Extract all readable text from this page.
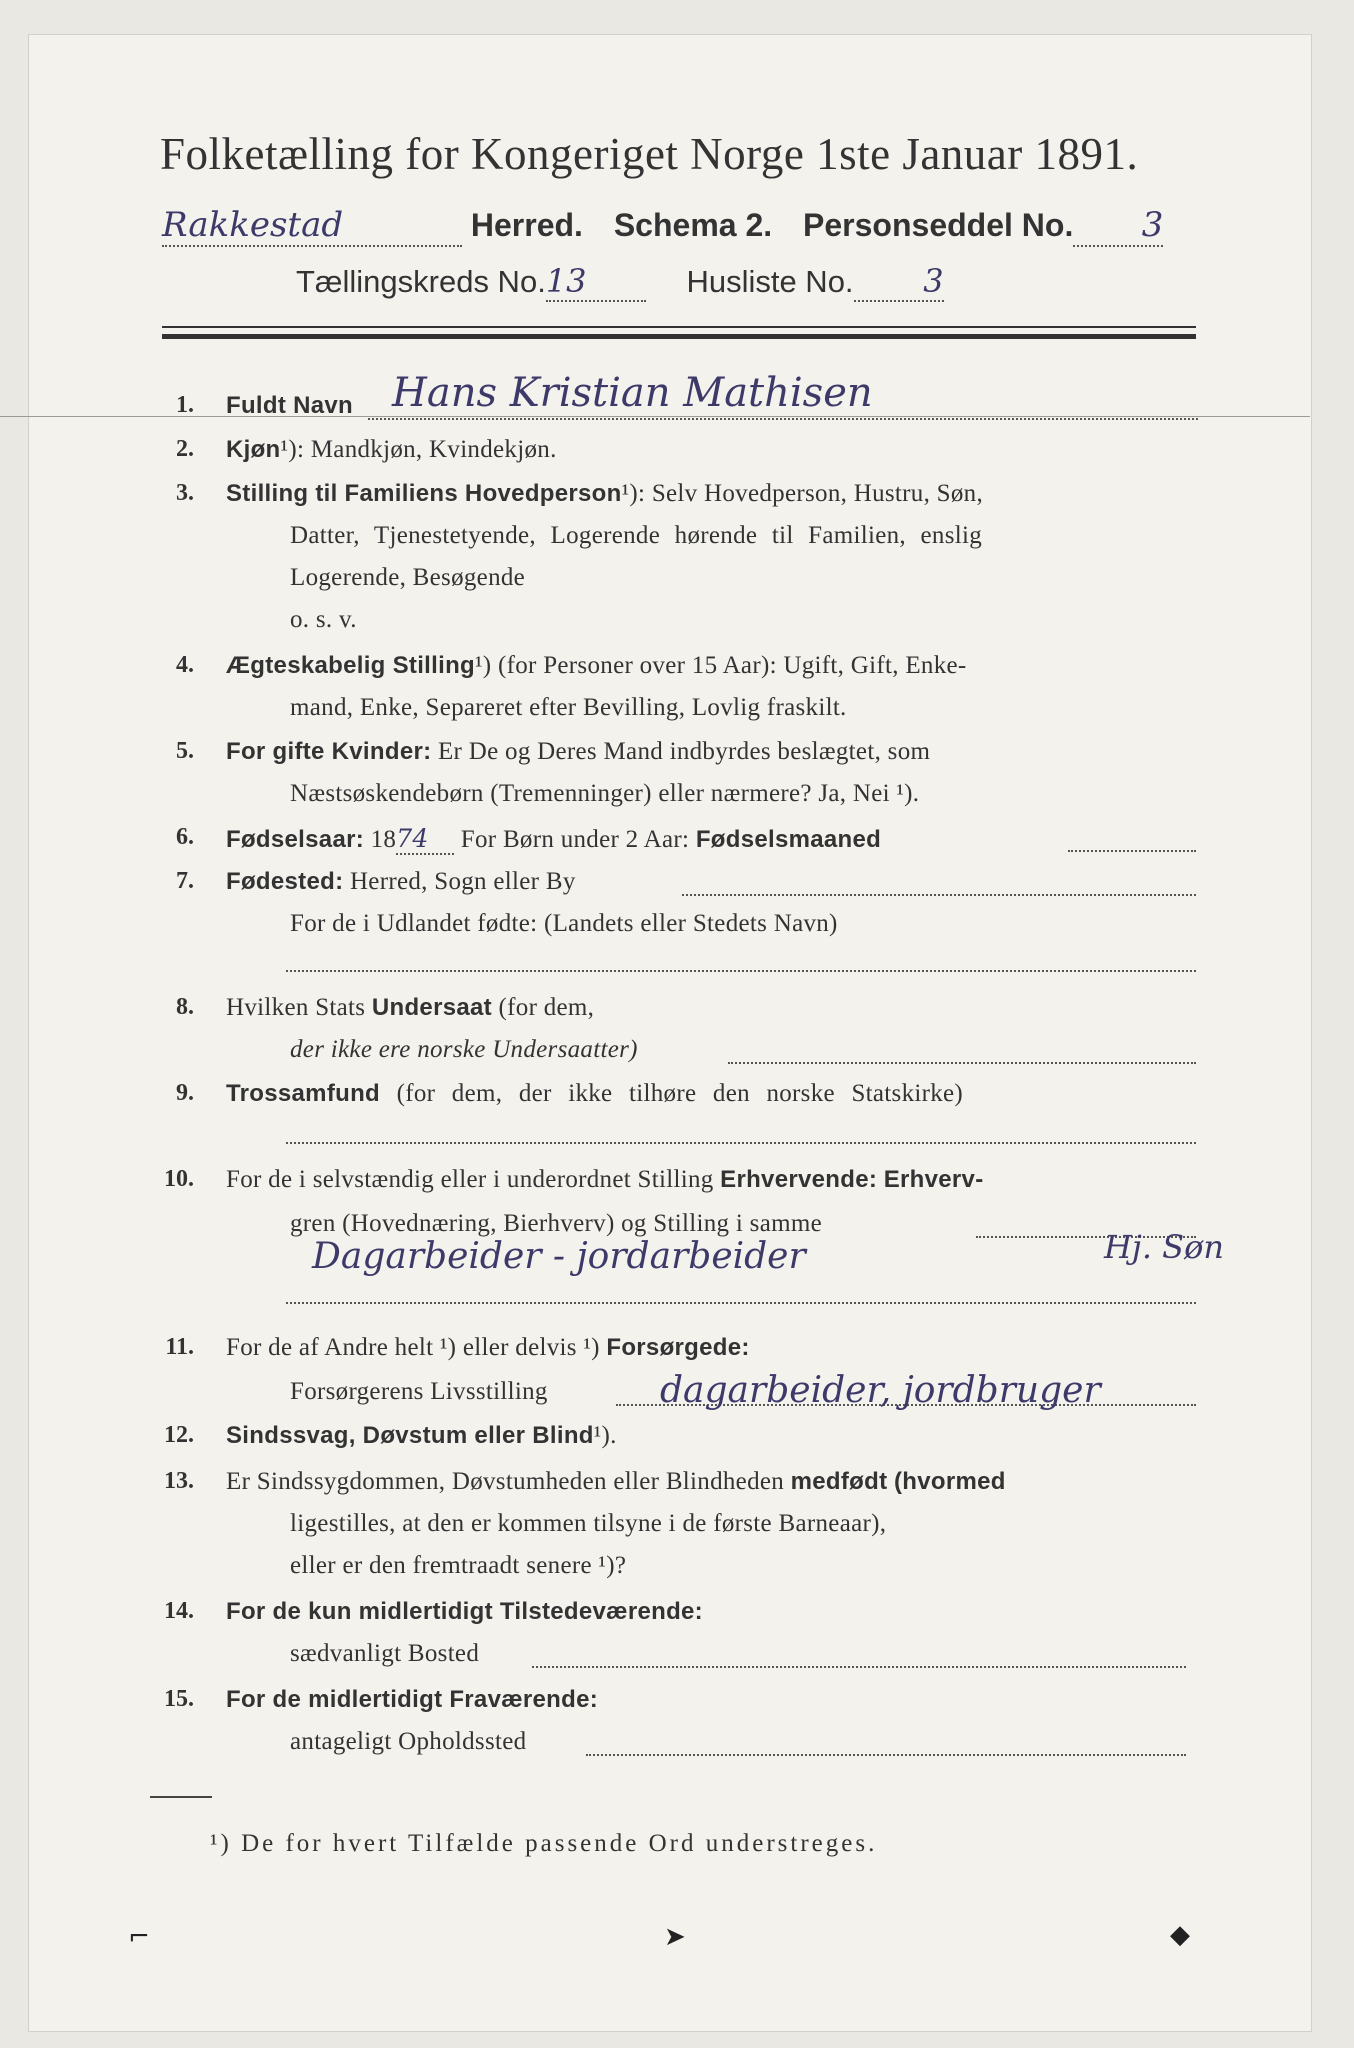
Folketælling for Kongeriget Norge 1ste Januar 1891.
Rakkestad	Herred. Schema 2. Personseddel No. 3
Tællingskreds No.13	Husliste No. 3
1. Fuldt Navn Hans Kristian Mathisen
2. Kjøn¹): Mandkjøn, Kvindekjøn.
3. Stilling til Familiens Hovedperson¹): Selv Hovedperson, Hustru, Søn,
Datter, Tjenestetyende, Logerende hørende til Familien, enslig
Logerende, Besøgende
o. s. v.
4. Ægteskabelig Stilling¹) (for Personer over 15 Aar): Ugift, Gift, Enke-
mand, Enke, Separeret efter Bevilling, Lovlig fraskilt.
5. For gifte Kvinder: Er De og Deres Mand indbyrdes beslægtet, som
Næstsøskendebørn (Tremenninger) eller nærmere? Ja, Nei ¹).
6. Fødselsaar: 1874 For Børn under 2 Aar: Fødselsmaaned
7. Fødested: Herred, Sogn eller By
For de i Udlandet fødte: (Landets eller Stedets Navn)
8. Hvilken Stats Undersaat (for dem,
der ikke ere norske Undersaatter)
9. Trossamfund (for dem, der ikke tilhøre den norske Statskirke)
10. For de i selvstændig eller i underordnet Stilling Erhvervende: Erhverv-
gren (Hovednæring, Bierhverv) og Stilling i samme
Dagarbeider - jordarbeider	Hj. Søn
11. For de af Andre helt ¹) eller delvis ¹) Forsørgede:
Forsørgerens Livsstilling	dagarbeider, jordbruger
12. Sindssvag, Døvstum eller Blind¹).
13. Er Sindssygdommen, Døvstumheden eller Blindheden medfødt (hvormed
ligestilles, at den er kommen tilsyne i de første Barneaar),
eller er den fremtraadt senere ¹)?
14. For de kun midlertidigt Tilstedeværende:
sædvanligt Bosted
15. For de midlertidigt Fraværende:
antageligt Opholdssted
¹) De for hvert Tilfælde passende Ord understreges.
⌐	➤	◆
